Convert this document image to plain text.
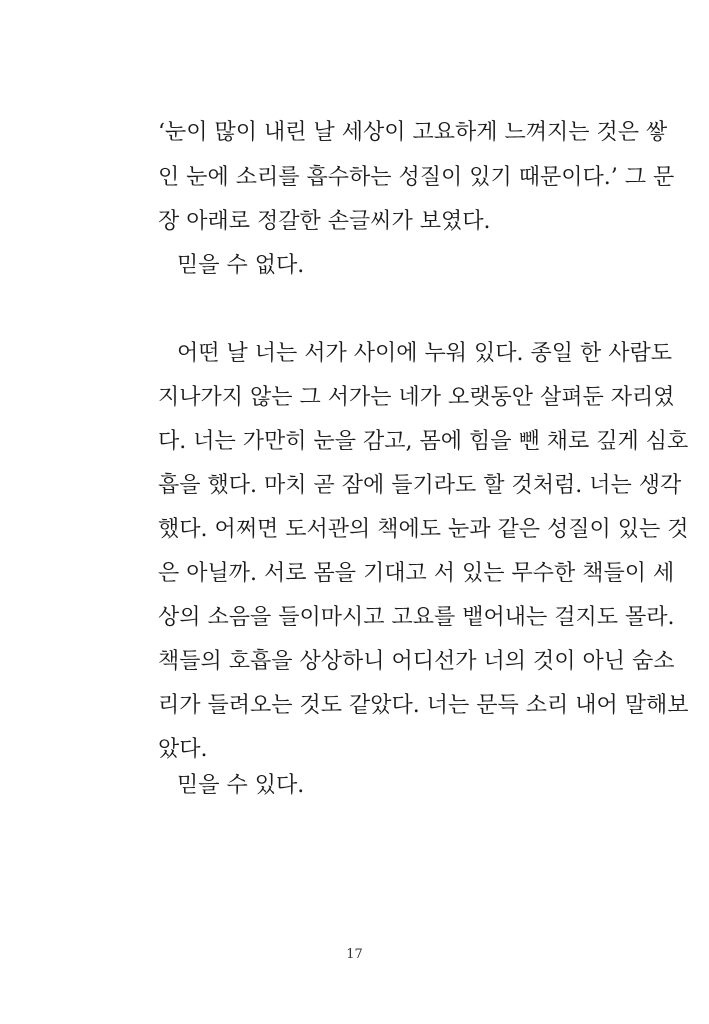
‘눈이 많이 내린 날 세상이 고요하게 느껴지는 것은 쌓
인 눈에 소리를 흡수하는 성질이 있기 때문이다.’ 그 문
장 아래로 정갈한 손글씨가 보였다.
믿을 수 없다.
어떤 날 너는 서가 사이에 누워 있다. 종일 한 사람도
지나가지 않는 그 서가는 네가 오랫동안 살펴둔 자리였
다. 너는 가만히 눈을 감고, 몸에 힘을 뺀 채로 깊게 심호
흡을 했다. 마치 곧 잠에 들기라도 할 것처럼. 너는 생각
했다. 어쩌면 도서관의 책에도 눈과 같은 성질이 있는 것
은 아닐까. 서로 몸을 기대고 서 있는 무수한 책들이 세
상의 소음을 들이마시고 고요를 뱉어내는 걸지도 몰라.
책들의 호흡을 상상하니 어디선가 너의 것이 아닌 숨소
리가 들려오는 것도 같았다. 너는 문득 소리 내어 말해보
았다.
믿을 수 있다.
17
